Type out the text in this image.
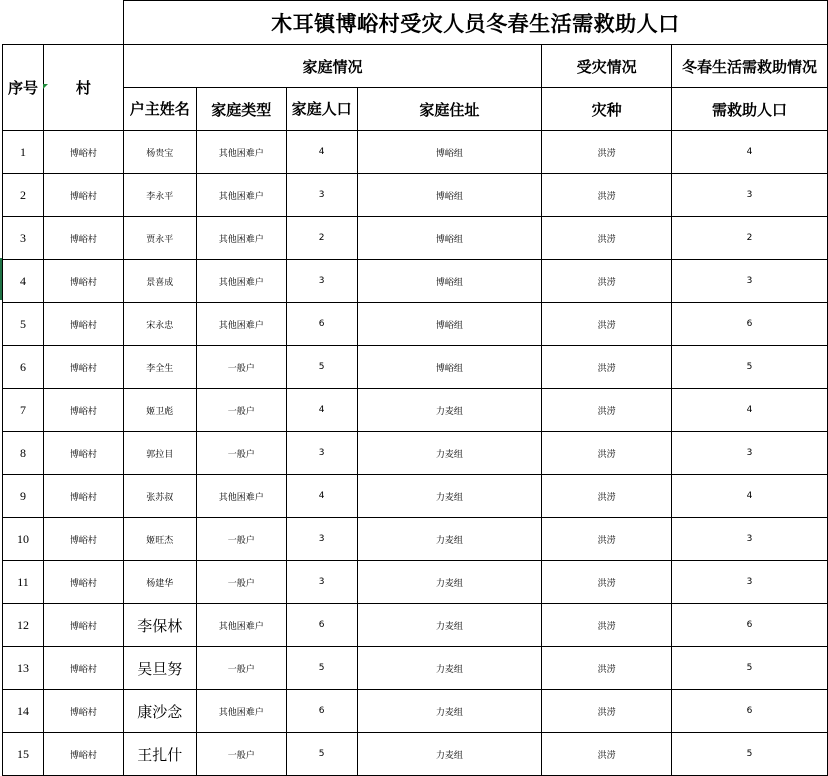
		木耳镇博峪村受灾人员冬春生活需救助人口					
序号	村	家庭情况				受灾情况	冬春生活需救助情况
		户主姓名	家庭类型	家庭人口	家庭住址	灾种	需救助人口
1	博峪村	杨贵宝	其他困难户	4	博峪组	洪涝	4
2	博峪村	李永平	其他困难户	3	博峪组	洪涝	3
3	博峪村	贾永平	其他困难户	2	博峪组	洪涝	2
4	博峪村	景喜成	其他困难户	3	博峪组	洪涝	3
5	博峪村	宋永忠	其他困难户	6	博峪组	洪涝	6
6	博峪村	李全生	一般户	5	博峪组	洪涝	5
7	博峪村	姬卫彪	一般户	4	力麦组	洪涝	4
8	博峪村	郭拉目	一般户	3	力麦组	洪涝	3
9	博峪村	张苏叔	其他困难户	4	力麦组	洪涝	4
10	博峪村	姬旺杰	一般户	3	力麦组	洪涝	3
11	博峪村	杨建华	一般户	3	力麦组	洪涝	3
12	博峪村	李保林	其他困难户	6	力麦组	洪涝	6
13	博峪村	吴旦努	一般户	5	力麦组	洪涝	5
14	博峪村	康沙念	其他困难户	6	力麦组	洪涝	6
15	博峪村	王扎什	一般户	5	力麦组	洪涝	5
